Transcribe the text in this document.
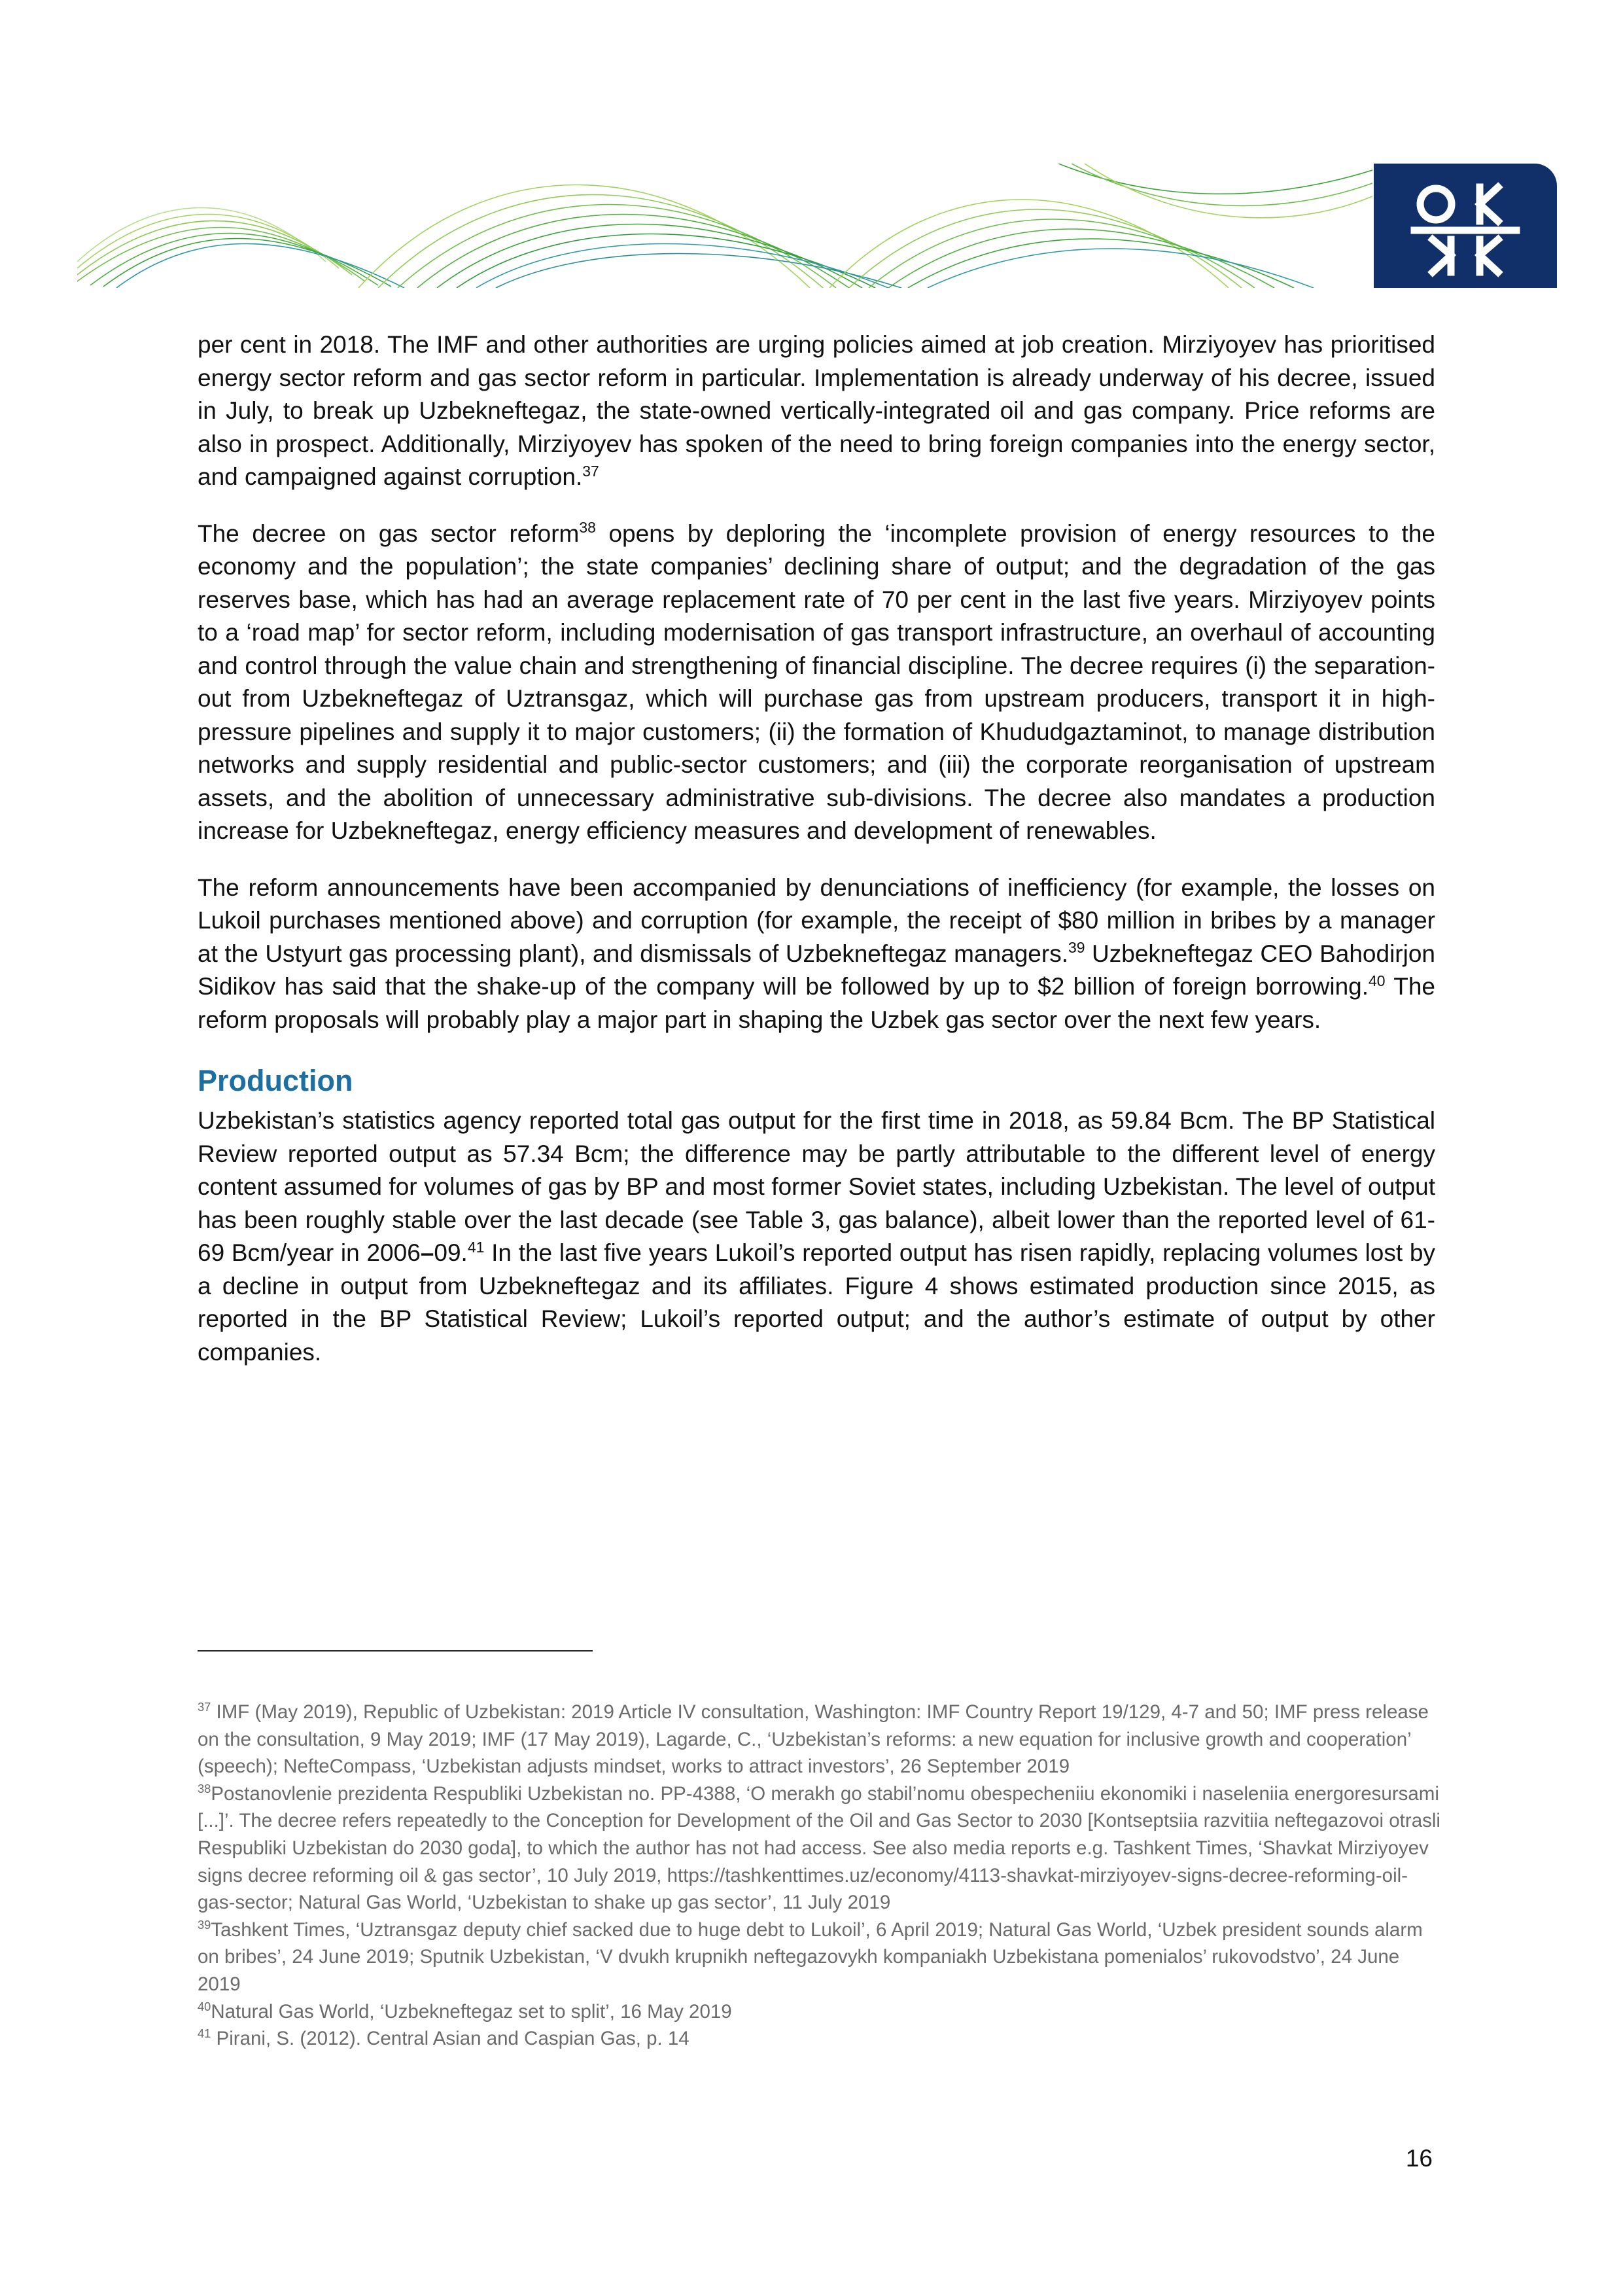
per cent in 2018. The IMF and other authorities are urging policies aimed at job creation. Mirziyoyev has prioritised energy sector reform and gas sector reform in particular. Implementation is already underway of his decree, issued in July, to break up Uzbekneftegaz, the state-owned vertically-integrated oil and gas company. Price reforms are also in prospect. Additionally, Mirziyoyev has spoken of the need to bring foreign companies into the energy sector, and campaigned against corruption.$^{37}$

The decree on gas sector reform$^{38}$ opens by deploring the ‘incomplete provision of energy resources to the economy and the population’; the state companies’ declining share of output; and the degradation of the gas reserves base, which has had an average replacement rate of 70 per cent in the last five years. Mirziyoyev points to a ‘road map’ for sector reform, including modernisation of gas transport infrastructure, an overhaul of accounting and control through the value chain and strengthening of financial discipline. The decree requires (i) the separation-out from Uzbekneftegaz of Uztransgaz, which will purchase gas from upstream producers, transport it in high-pressure pipelines and supply it to major customers; (ii) the formation of Khududgaztaminot, to manage distribution networks and supply residential and public-sector customers; and (iii) the corporate reorganisation of upstream assets, and the abolition of unnecessary administrative sub-divisions. The decree also mandates a production increase for Uzbekneftegaz, energy efficiency measures and development of renewables.

The reform announcements have been accompanied by denunciations of inefficiency (for example, the losses on Lukoil purchases mentioned above) and corruption (for example, the receipt of $80 million in bribes by a manager at the Ustyurt gas processing plant), and dismissals of Uzbekneftegaz managers.$^{39}$ Uzbekneftegaz CEO Bahodirjon Sidikov has said that the shake-up of the company will be followed by up to $2 billion of foreign borrowing.$^{40}$ The reform proposals will probably play a major part in shaping the Uzbek gas sector over the next few years.

Production

Uzbekistan’s statistics agency reported total gas output for the first time in 2018, as 59.84 Bcm. The BP Statistical Review reported output as 57.34 Bcm; the difference may be partly attributable to the different level of energy content assumed for volumes of gas by BP and most former Soviet states, including Uzbekistan. The level of output has been roughly stable over the last decade (see Table 3, gas balance), albeit lower than the reported level of 61-69 Bcm/year in 2006–09.41 In the last five years Lukoil’s reported output has risen rapidly, replacing volumes lost by a decline in output from Uzbekneftegaz and its affiliates. Figure 4 shows estimated production since 2015, as reported in the BP Statistical Review; Lukoil’s reported output; and the author’s estimate of output by other companies.

$^{37}$ IMF (May 2019), Republic of Uzbekistan: 2019 Article IV consultation, Washington: IMF Country Report 19/129, 4-7 and 50; IMF press release on the consultation, 9 May 2019; IMF (17 May 2019), Lagarde, C., ‘Uzbekistan’s reforms: a new equation for inclusive growth and cooperation’ (speech); NefteCompass, ‘Uzbekistan adjusts mindset, works to attract investors’, 26 September 2019

$^{38}$Postanovlenie prezidenta Respubliki Uzbekistan no. PP-4388, ‘O merakh go stabil’nomu obespecheniiu ekonomiki i naseleniia energoresursami [...]’. The decree refers repeatedly to the Conception for Development of the Oil and Gas Sector to 2030 [Kontseptsiia razvitiia neftegazovoi otrasli Respubliki Uzbekistan do 2030 goda], to which the author has not had access. See also media reports e.g. Tashkent Times, ‘Shavkat Mirziyoyev signs decree reforming oil & gas sector’, 10 July 2019, https://tashkenttimes.uz/economy/4113-shavkat-mirziyoyev-signs-decree-reforming-oil-gas-sector; Natural Gas World, ‘Uzbekistan to shake up gas sector’, 11 July 2019

$^{39}$Tashkent Times, ‘Uztransgaz deputy chief sacked due to huge debt to Lukoil’, 6 April 2019; Natural Gas World, ‘Uzbek president sounds alarm on bribes’, 24 June 2019; Sputnik Uzbekistan, ‘V dvukh krupnikh neftegazovykh kompaniakh Uzbekistana pomenialos’ rukovodstvo’, 24 June 2019

$^{40}$Natural Gas World, ‘Uzbekneftegaz set to split’, 16 May 2019

$^{41}$ Pirani, S. (2012). Central Asian and Caspian Gas, p. 14

16
